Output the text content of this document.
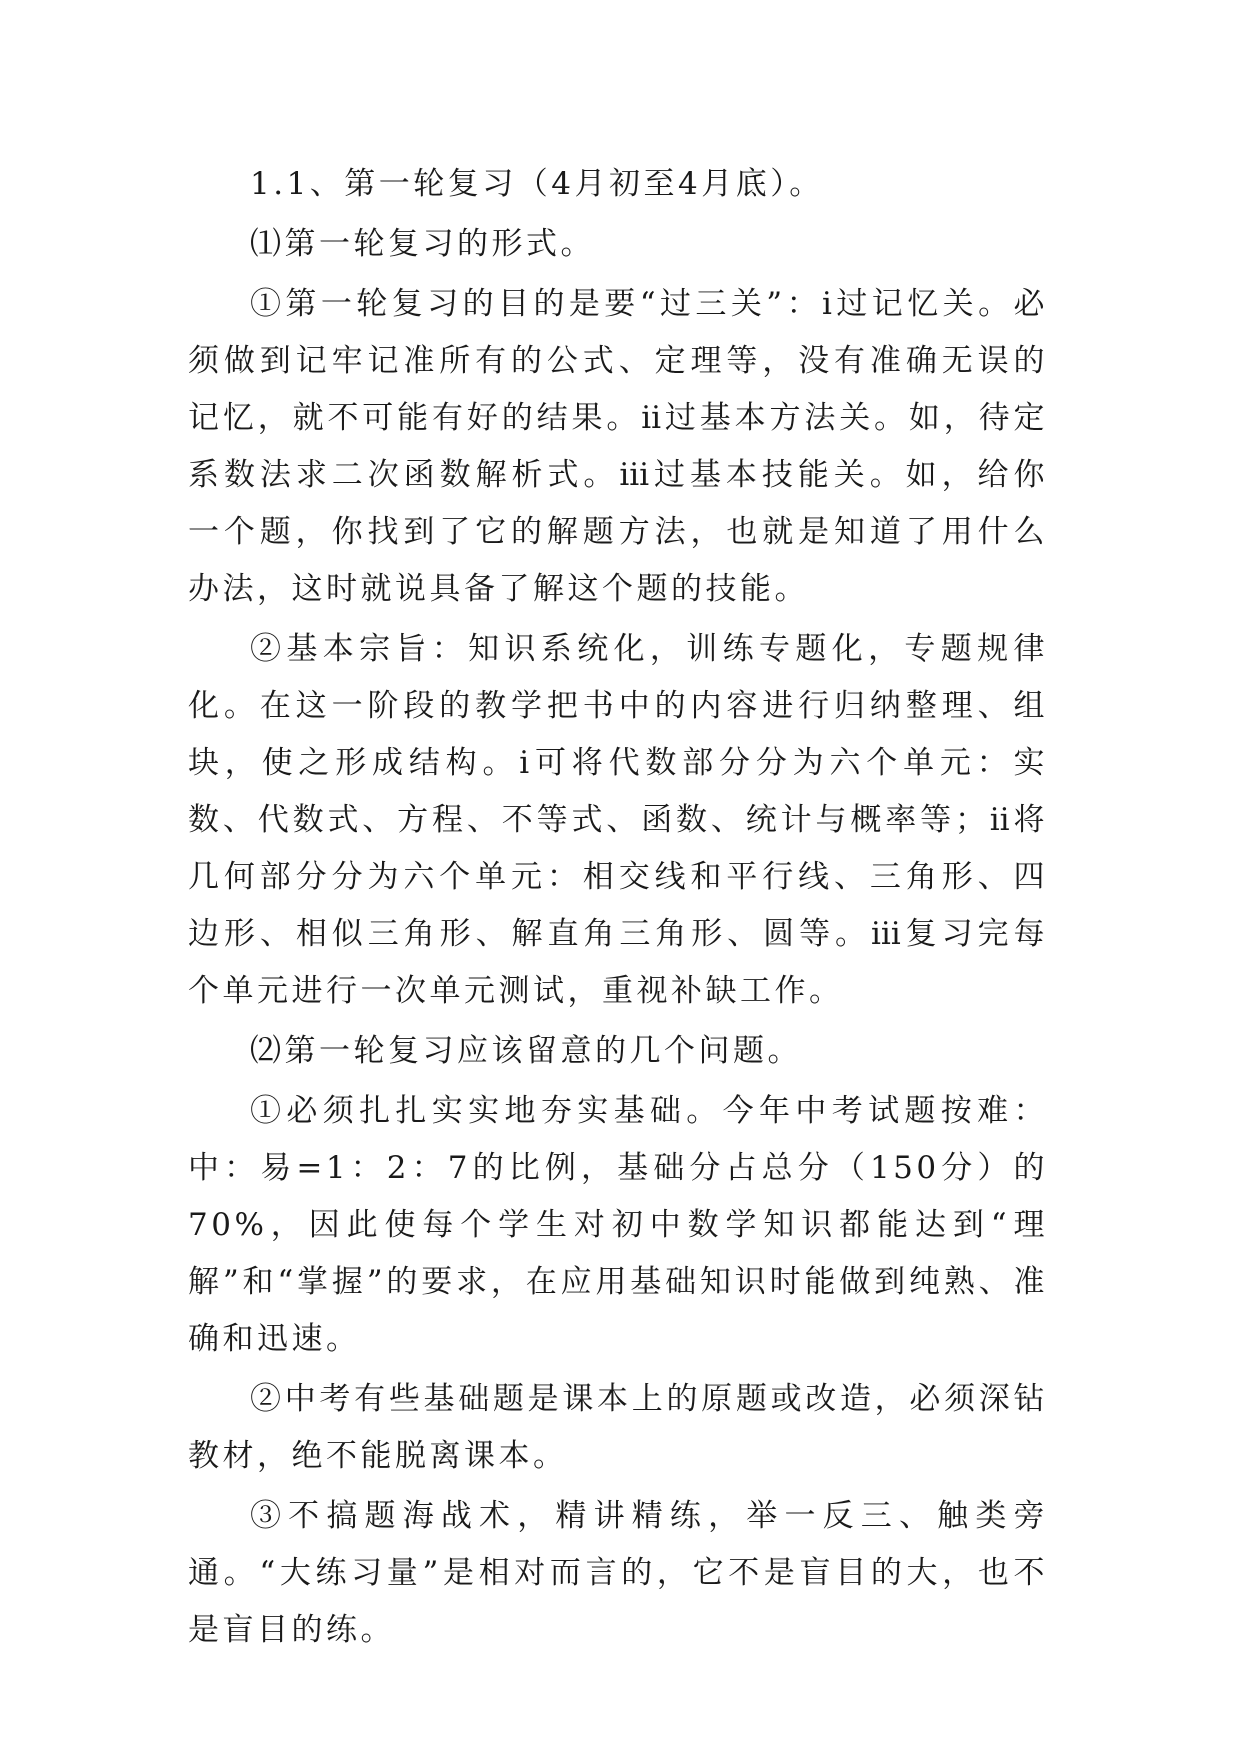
1.1、第一轮复习（4月初至4月底）。

⑴第一轮复习的形式。

①第一轮复习的目的是要“过三关”：ⅰ过记忆关。必须做到记牢记准所有的公式、定理等，没有准确无误的记忆，就不可能有好的结果。ⅱ过基本方法关。如，待定系数法求二次函数解析式。ⅲ过基本技能关。如，给你一个题，你找到了它的解题方法，也就是知道了用什么办法，这时就说具备了解这个题的技能。

②基本宗旨：知识系统化，训练专题化，专题规律化。在这一阶段的教学把书中的内容进行归纳整理、组块，使之形成结构。ⅰ可将代数部分分为六个单元：实数、代数式、方程、不等式、函数、统计与概率等；ⅱ将几何部分分为六个单元：相交线和平行线、三角形、四边形、相似三角形、解直角三角形、圆等。ⅲ复习完每个单元进行一次单元测试，重视补缺工作。

⑵第一轮复习应该留意的几个问题。

①必须扎扎实实地夯实基础。今年中考试题按难：中：易=1：2：7的比例，基础分占总分（150分）的70%，因此使每个学生对初中数学知识都能达到“理解”和“掌握”的要求，在应用基础知识时能做到纯熟、准确和迅速。

②中考有些基础题是课本上的原题或改造，必须深钻教材，绝不能脱离课本。

③不搞题海战术，精讲精练，举一反三、触类旁通。“大练习量”是相对而言的，它不是盲目的大，也不是盲目的练。
